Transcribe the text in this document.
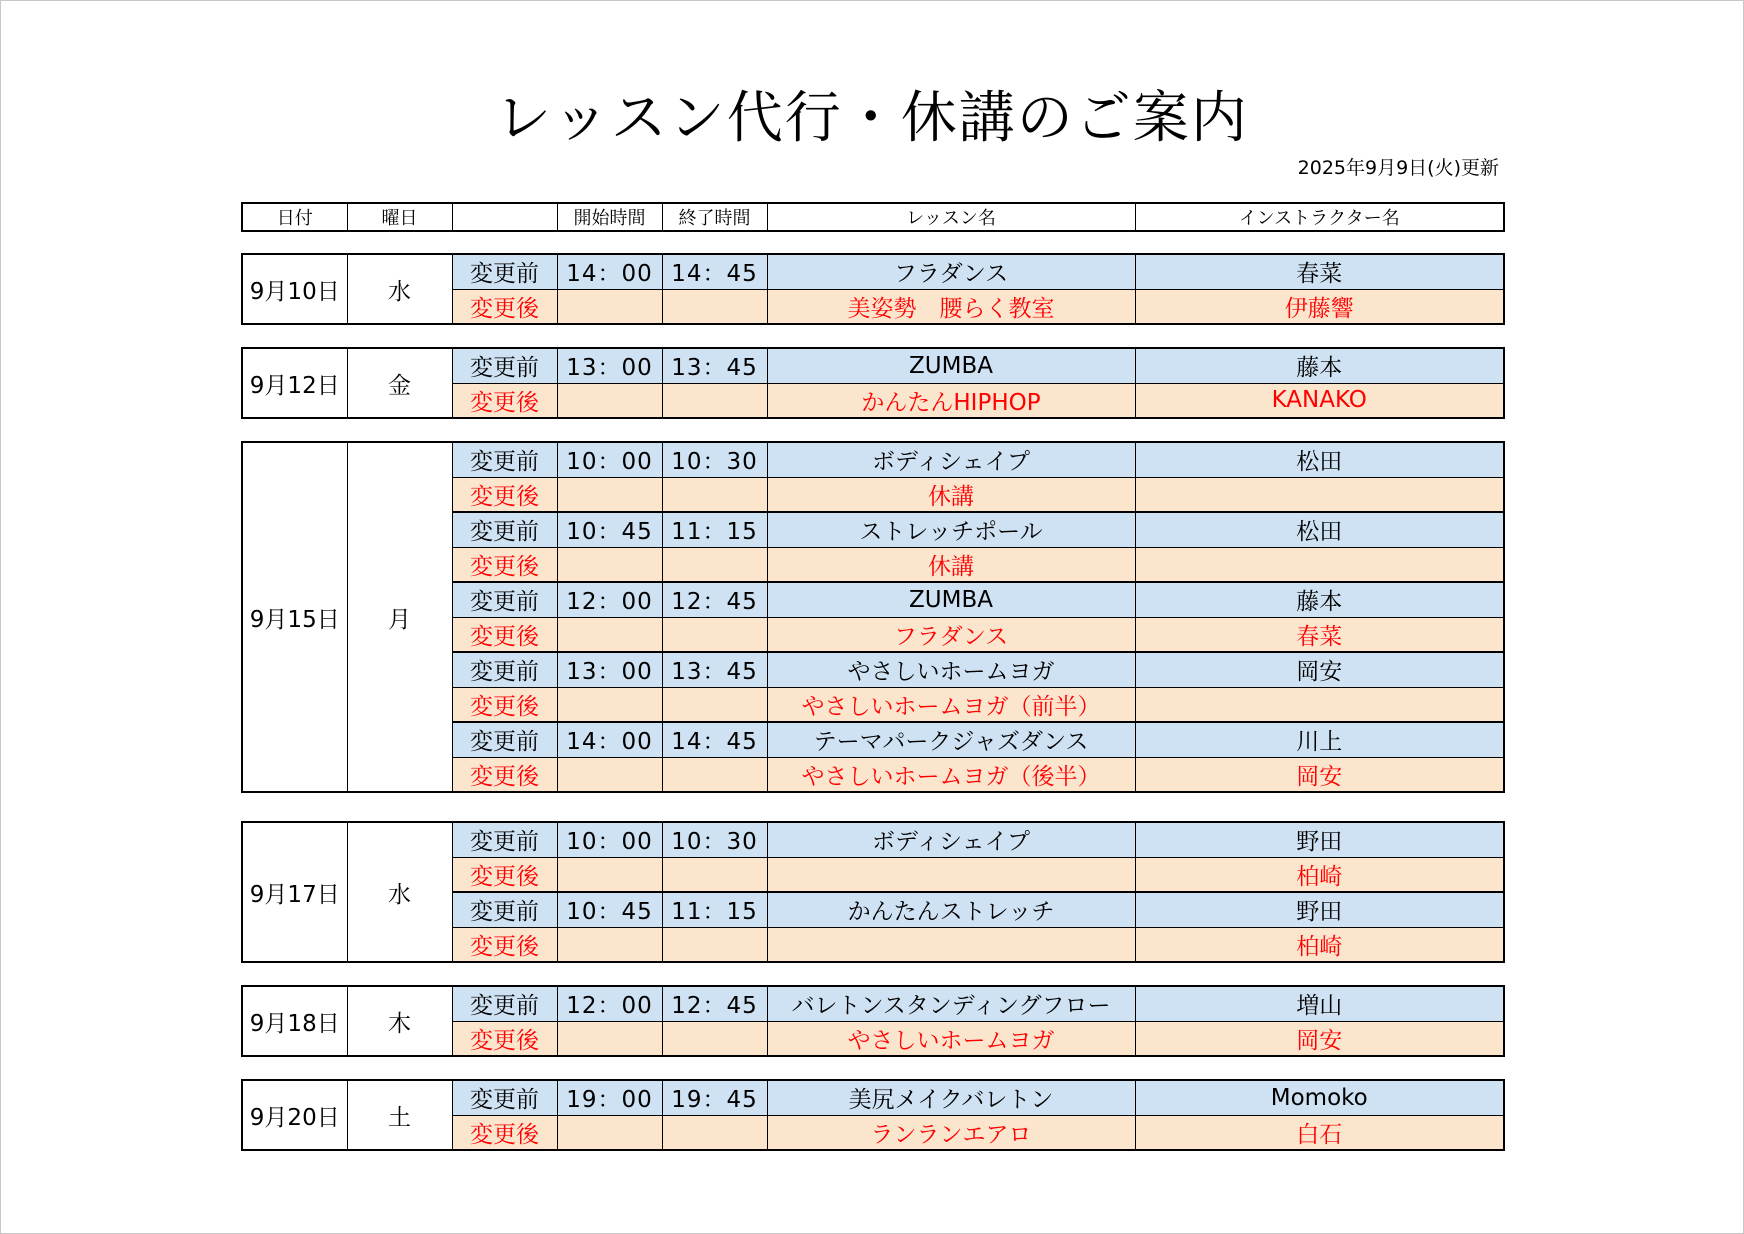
レッスン代行・休講のご案内
2025年9月9日(火)更新
日付	曜日		開始時間	終了時間	レッスン名	インストラクター名
9月10日	水	変更前	14：00	14：45	フラダンス	春菜
		変更後			美姿勢　腰らく教室	伊藤響
9月12日	金	変更前	13：00	13：45	ZUMBA	藤本
		変更後			かんたんHIPHOP	KANAKO
9月15日	月	変更前	10：00	10：30	ボディシェイプ	松田
		変更後			休講	
		変更前	10：45	11：15	ストレッチポール	松田
		変更後			休講	
		変更前	12：00	12：45	ZUMBA	藤本
		変更後			フラダンス	春菜
		変更前	13：00	13：45	やさしいホームヨガ	岡安
		変更後			やさしいホームヨガ（前半）	
		変更前	14：00	14：45	テーマパークジャズダンス	川上
		変更後			やさしいホームヨガ（後半）	岡安
9月17日	水	変更前	10：00	10：30	ボディシェイプ	野田
		変更後				柏崎
		変更前	10：45	11：15	かんたんストレッチ	野田
		変更後				柏崎
9月18日	木	変更前	12：00	12：45	バレトンスタンディングフロー	増山
		変更後			やさしいホームヨガ	岡安
9月20日	土	変更前	19：00	19：45	美尻メイクバレトン	Momoko
		変更後			ランランエアロ	白石
